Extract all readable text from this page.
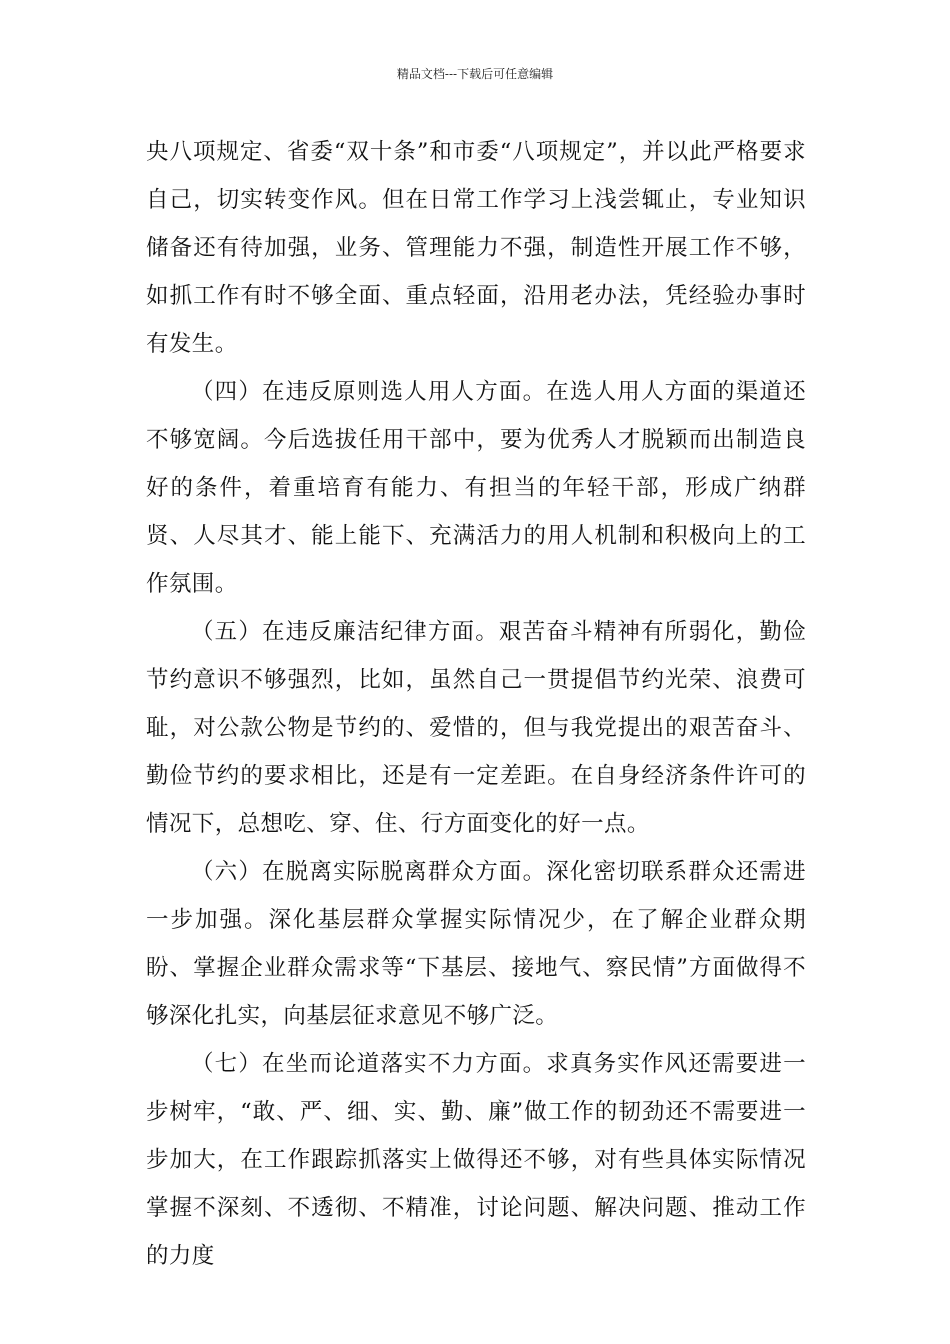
精品文档---下载后可任意编辑

央八项规定、省委“双十条”和市委“八项规定”，并以此严格要求自己，切实转变作风。但在日常工作学习上浅尝辄止，专业知识储备还有待加强，业务、管理能力不强，制造性开展工作不够，如抓工作有时不够全面、重点轻面，沿用老办法，凭经验办事时有发生。

（四）在违反原则选人用人方面。在选人用人方面的渠道还不够宽阔。今后选拔任用干部中，要为优秀人才脱颖而出制造良好的条件，着重培育有能力、有担当的年轻干部，形成广纳群贤、人尽其才、能上能下、充满活力的用人机制和积极向上的工作氛围。

（五）在违反廉洁纪律方面。艰苦奋斗精神有所弱化，勤俭节约意识不够强烈，比如，虽然自己一贯提倡节约光荣、浪费可耻，对公款公物是节约的、爱惜的，但与我党提出的艰苦奋斗、勤俭节约的要求相比，还是有一定差距。在自身经济条件许可的情况下，总想吃、穿、住、行方面变化的好一点。

（六）在脱离实际脱离群众方面。深化密切联系群众还需进一步加强。深化基层群众掌握实际情况少，在了解企业群众期盼、掌握企业群众需求等“下基层、接地气、察民情”方面做得不够深化扎实，向基层征求意见不够广泛。

（七）在坐而论道落实不力方面。求真务实作风还需要进一步树牢，“敢、严、细、实、勤、廉”做工作的韧劲还不需要进一步加大，在工作跟踪抓落实上做得还不够，对有些具体实际情况掌握不深刻、不透彻、不精准，讨论问题、解决问题、推动工作的力度
